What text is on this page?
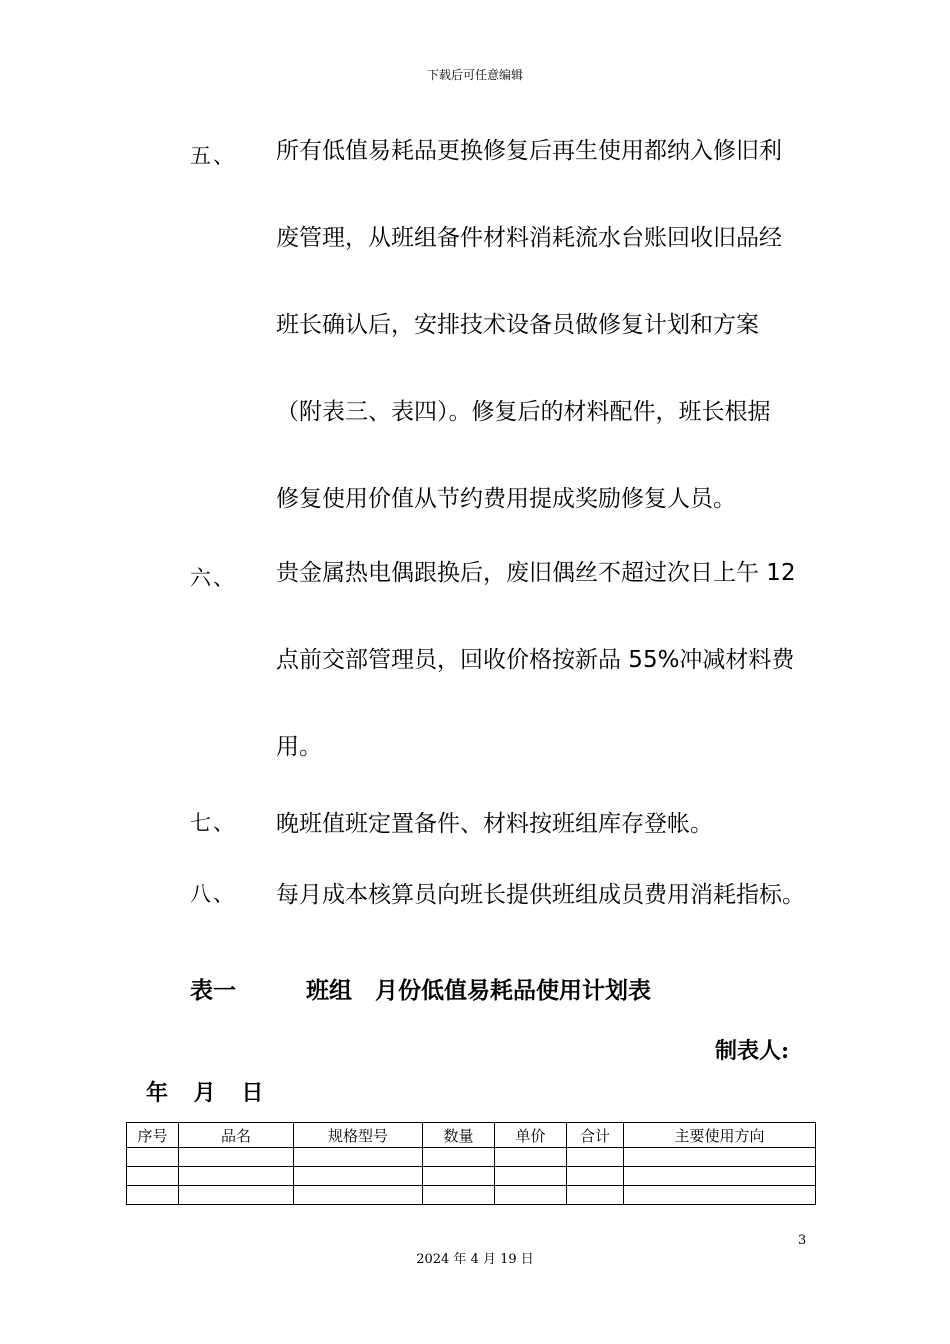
下载后可任意编辑
五、 所有低值易耗品更换修复后再生使用都纳入修旧利
废管理，从班组备件材料消耗流水台账回收旧品经
班长确认后，安排技术设备员做修复计划和方案
（附表三、表四）。修复后的材料配件，班长根据
修复使用价值从节约费用提成奖励修复人员。
六、 贵金属热电偶跟换后，废旧偶丝不超过次日上午 12
点前交部管理员，回收价格按新品 55%冲减材料费
用。
七、 晚班值班定置备件、材料按班组库存登帐。
八、 每月成本核算员向班长提供班组成员费用消耗指标。
表一	班组　月份低值易耗品使用计划表
制表人:
年 月 日
序号	品名	规格型号	数量	单价	合计	主要使用方向

3
2024 年 4 月 19 日
